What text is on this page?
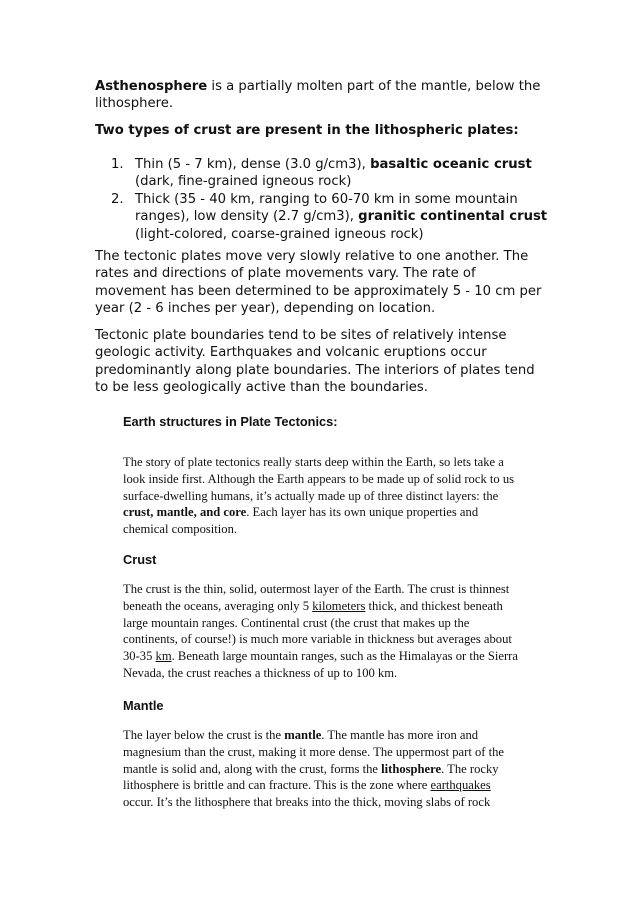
Asthenosphere is a partially molten part of the mantle, below the lithosphere.

Two types of crust are present in the lithospheric plates:

1. Thin (5 - 7 km), dense (3.0 g/cm3), basaltic oceanic crust (dark, fine-grained igneous rock)
2. Thick (35 - 40 km, ranging to 60-70 km in some mountain ranges), low density (2.7 g/cm3), granitic continental crust (light-colored, coarse-grained igneous rock)

The tectonic plates move very slowly relative to one another. The rates and directions of plate movements vary. The rate of movement has been determined to be approximately 5 - 10 cm per year (2 - 6 inches per year), depending on location.

Tectonic plate boundaries tend to be sites of relatively intense geologic activity. Earthquakes and volcanic eruptions occur predominantly along plate boundaries. The interiors of plates tend to be less geologically active than the boundaries.

Earth structures in Plate Tectonics:

The story of plate tectonics really starts deep within the Earth, so lets take a look inside first. Although the Earth appears to be made up of solid rock to us surface-dwelling humans, it’s actually made up of three distinct layers: the crust, mantle, and core. Each layer has its own unique properties and chemical composition.

Crust

The crust is the thin, solid, outermost layer of the Earth. The crust is thinnest beneath the oceans, averaging only 5 kilometers thick, and thickest beneath large mountain ranges. Continental crust (the crust that makes up the continents, of course!) is much more variable in thickness but averages about 30-35 km. Beneath large mountain ranges, such as the Himalayas or the Sierra Nevada, the crust reaches a thickness of up to 100 km.

Mantle

The layer below the crust is the mantle. The mantle has more iron and magnesium than the crust, making it more dense. The uppermost part of the mantle is solid and, along with the crust, forms the lithosphere. The rocky lithosphere is brittle and can fracture. This is the zone where earthquakes occur. It’s the lithosphere that breaks into the thick, moving slabs of rock
